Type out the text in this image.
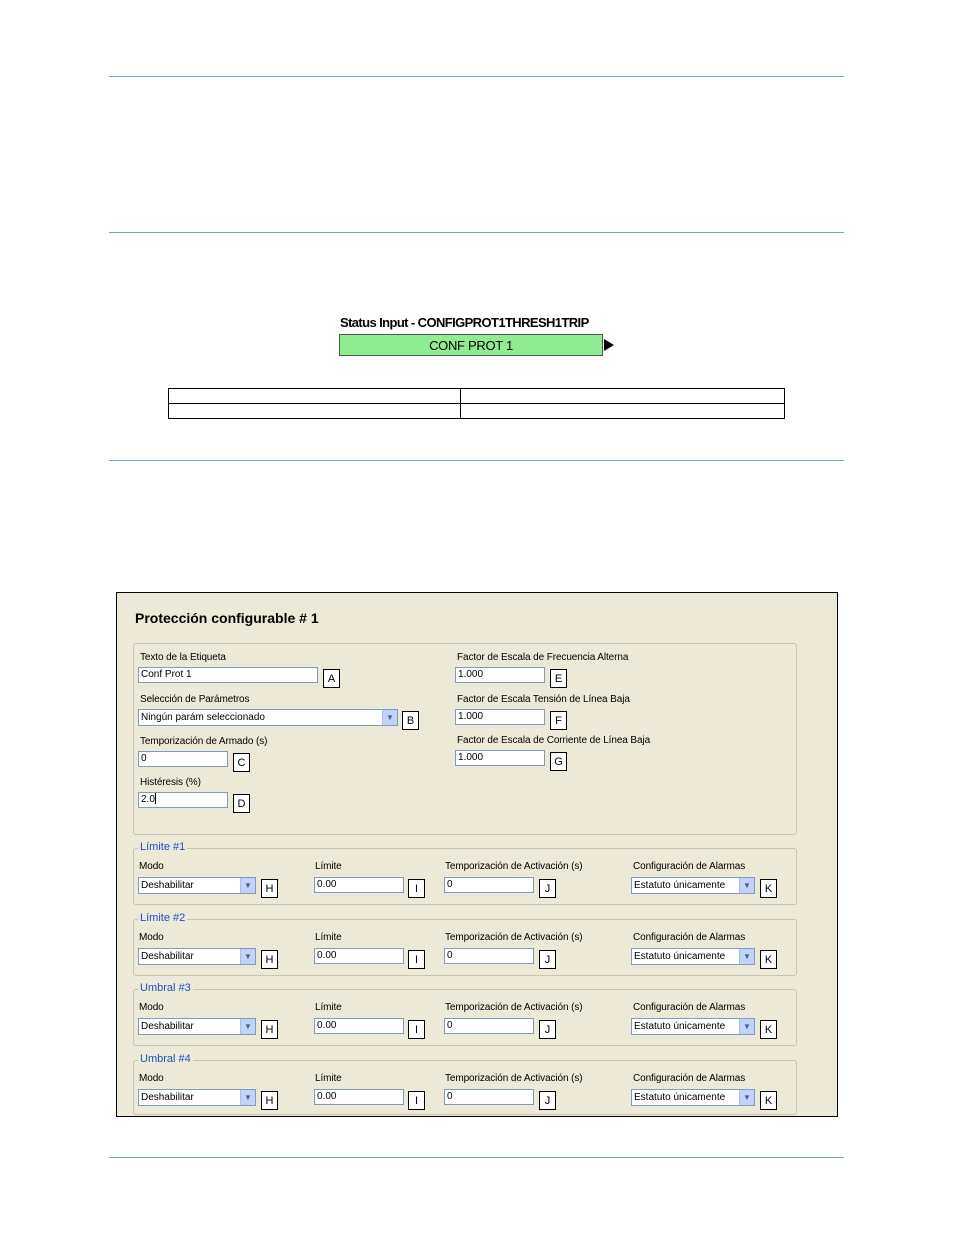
Status Input - CONFIGPROT1THRESH1TRIP
CONF PROT 1

Protección configurable # 1
Texto de la Etiqueta
Conf Prot 1	A
Selección de Parámetros
Ningún parám seleccionado	▼	B
Temporización de Armado (s)
0	C
Histéresis (%)
2.0	D
Factor de Escala de Frecuencia Alterna
1.000	E
Factor de Escala Tensión de Línea Baja
1.000	F
Factor de Escala de Corriente de Línea Baja
1.000	G
Límite #1
Modo
Deshabilitar	▼	H
Límite
0.00	I
Temporización de Activación (s)
0	J
Configuración de Alarmas
Estatuto únicamente	▼	K
Límite #2
Modo
Deshabilitar	▼	H
Límite
0.00	I
Temporización de Activación (s)
0	J
Configuración de Alarmas
Estatuto únicamente	▼	K
Umbral #3
Modo
Deshabilitar	▼	H
Límite
0.00	I
Temporización de Activación (s)
0	J
Configuración de Alarmas
Estatuto únicamente	▼	K
Umbral #4
Modo
Deshabilitar	▼	H
Límite
0.00	I
Temporización de Activación (s)
0	J
Configuración de Alarmas
Estatuto únicamente	▼	K
